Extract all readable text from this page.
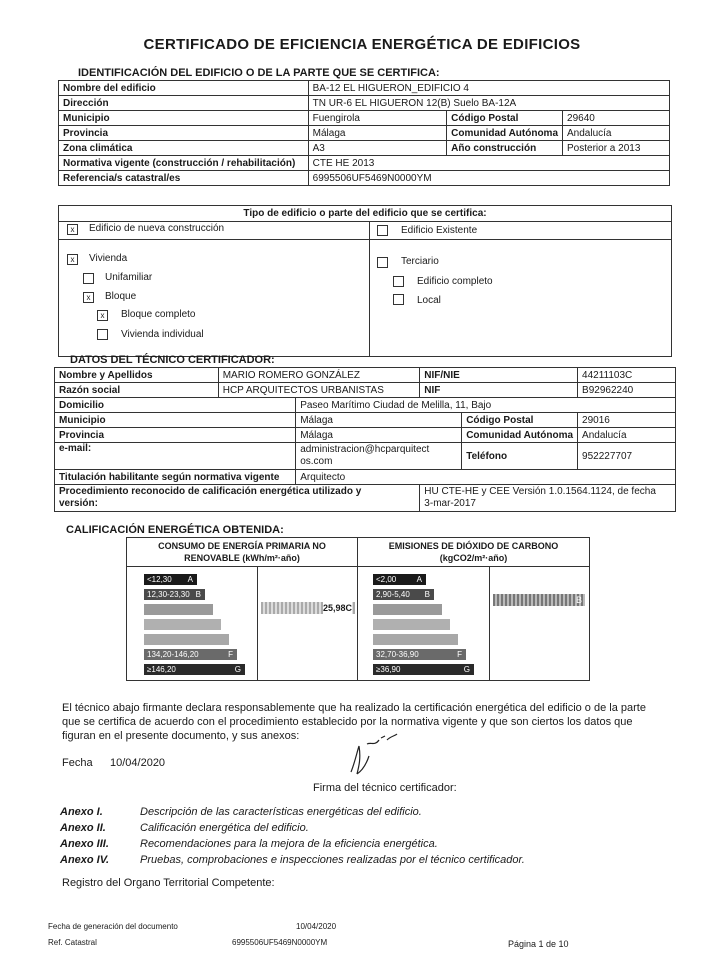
CERTIFICADO DE EFICIENCIA ENERGÉTICA DE EDIFICIOS
IDENTIFICACIÓN DEL EDIFICIO O DE LA PARTE QUE SE CERTIFICA:
Nombre del edificio	BA-12 EL HIGUERON_EDIFICIO 4		
Dirección	TN UR-6 EL HIGUERON 12(B) Suelo BA-12A		
Municipio	Fuengirola	Código Postal	29640
Provincia	Málaga	Comunidad Autónoma	Andalucía
Zona climática	A3	Año construcción	Posterior a 2013
Normativa vigente (construcción / rehabilitación)	CTE HE 2013		
Referencia/s catastral/es	6995506UF5469N0000YM		
Tipo de edificio o parte del edificio que se certifica:
x	Edificio de nueva construcción	Edificio Existente
x	Vivienda
Unifamiliar
x	Bloque
x	Bloque completo
Vivienda individual
Terciario
Edificio completo
Local
DATOS DEL TÉCNICO CERTIFICADOR:
Nombre y Apellidos	MARIO ROMERO GONZÁLEZ		NIF/NIE		44211103C
Razón social	HCP ARQUITECTOS URBANISTAS		NIF		B92962240
Domicilio		Paseo Marítimo Ciudad de Melilla, 11, Bajo			
Municipio		Málaga		Código Postal	29016
Provincia		Málaga		Comunidad Autónoma	Andalucía
e-mail:		administracion@hcparquitect
os.com		Teléfono	952227707
Titulación habilitante según normativa vigente		Arquitecto			
Procedimiento reconocido de calificación energética utilizado y
versión:			HU CTE-HE y CEE Versión 1.0.1564.1124, de fecha
3-mar-2017		
CALIFICACIÓN ENERGÉTICA OBTENIDA:
CONSUMO DE ENERGÍA PRIMARIA NO
RENOVABLE (kWh/m²·año)
EMISIONES DE DIÓXIDO DE CARBONO
(kgCO2/m²·año)
<12,30 A
12,30-23,30 B
134,20-146,20	F
≥146,20	G
<2,00	A
2,90-5,40 B
32,70-36,90	F
≥36,90	G
25,98C
B
El técnico abajo firmante declara responsablemente que ha realizado la certificación energética del edificio o de la parte
que se certifica de acuerdo con el procedimiento establecido por la normativa vigente y que son ciertos los datos que
figuran en el presente documento, y sus anexos:
Fecha 10/04/2020
Firma del técnico certificador:
Anexo I.	Descripción de las características energéticas del edificio.
Anexo II.	Calificación energética del edificio.
Anexo III.	Recomendaciones para la mejora de la eficiencia energética.
Anexo IV.	Pruebas, comprobaciones e inspecciones realizadas por el técnico certificador.
Registro del Organo Territorial Competente:
Fecha de generación del documento	10/04/2020
Ref. Catastral	6995506UF5469N0000YM	Página 1 de 10
